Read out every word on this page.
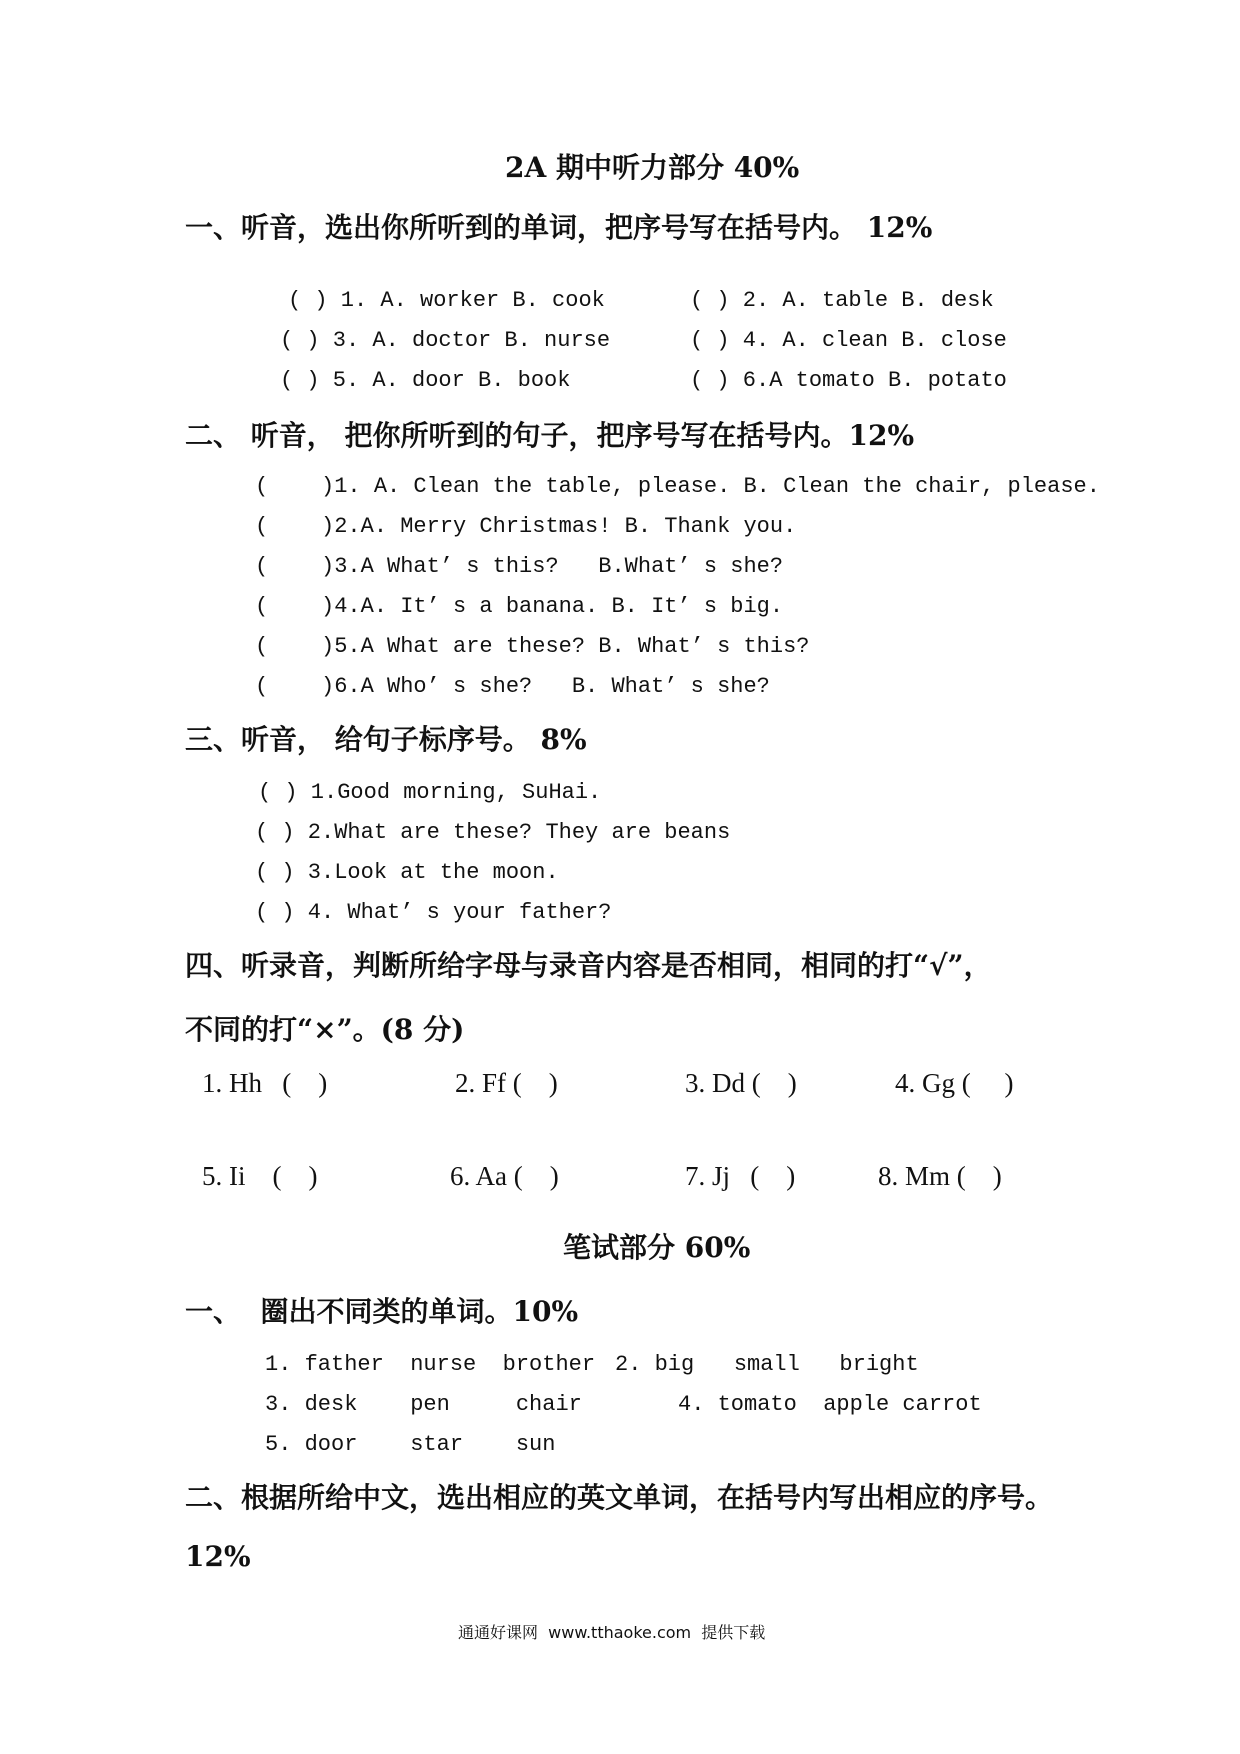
2A 期中听力部分 40%
一、听音，选出你所听到的单词，把序号写在括号内。 12%
( ) 1. A. worker B. cook	( ) 2. A. table B. desk
( ) 3. A. doctor B. nurse	( ) 4. A. clean B. close
( ) 5. A. door B. book	( ) 6.A tomato B. potato
二、 听音， 把你所听到的句子，把序号写在括号内。12%
(    )1. A. Clean the table, please. B. Clean the chair, please.
(    )2.A. Merry Christmas! B. Thank you.
(    )3.A What’ s this?   B.What’ s she?
(    )4.A. It’ s a banana. B. It’ s big.
(    )5.A What are these? B. What’ s this?
(    )6.A Who’ s she?   B. What’ s she?
三、听音， 给句子标序号。 8%
( ) 1.Good morning, SuHai.
( ) 2.What are these? They are beans
( ) 3.Look at the moon.
( ) 4. What’ s your father?
四、听录音，判断所给字母与录音内容是否相同，相同的打“√”，
不同的打“×”。(8 分)
1. Hh   (    )	2. Ff (    )	3. Dd (    )	4. Gg (     )
5. Ii    (    )	6. Aa (    )	7. Jj   (    )	8. Mm (    )
笔试部分 60%
一、  圈出不同类的单词。10%
1. father  nurse  brother 2. big   small   bright
3. desk    pen     chair	4. tomato  apple carrot
5. door    star    sun
二、根据所给中文，选出相应的英文单词，在括号内写出相应的序号。
12%
通通好课网  www.tthaoke.com  提供下载
